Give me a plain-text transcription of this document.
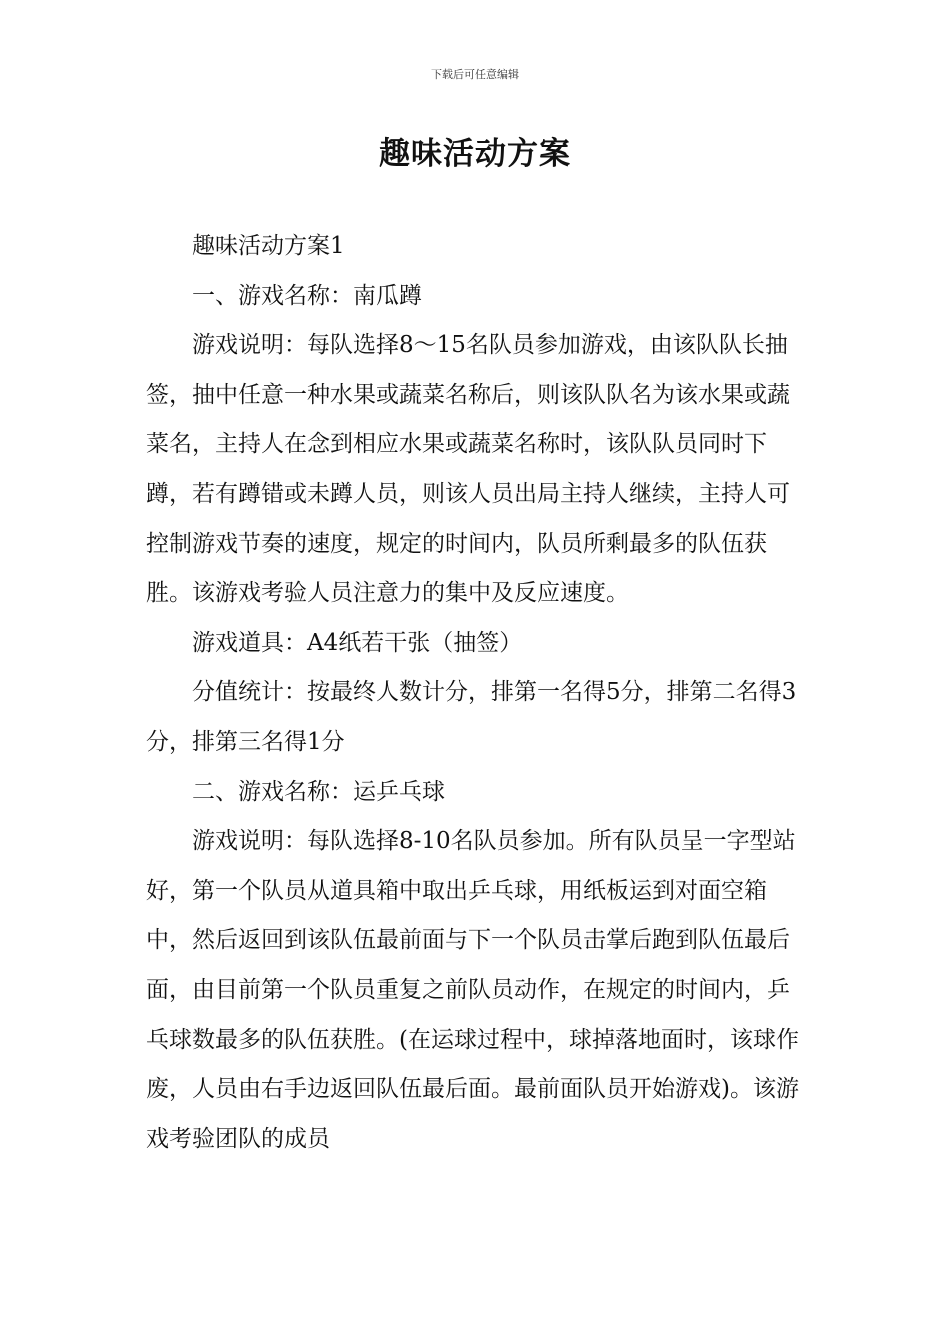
下载后可任意编辑
趣味活动方案

趣味活动方案1

一、游戏名称：南瓜蹲

游戏说明：每队选择8～15名队员参加游戏，由该队队长抽签，抽中任意一种水果或蔬菜名称后，则该队队名为该水果或蔬菜名，主持人在念到相应水果或蔬菜名称时，该队队员同时下蹲，若有蹲错或未蹲人员，则该人员出局主持人继续，主持人可控制游戏节奏的速度，规定的时间内，队员所剩最多的队伍获胜。该游戏考验人员注意力的集中及反应速度。

游戏道具：A4纸若干张（抽签）

分值统计：按最终人数计分，排第一名得5分，排第二名得3分，排第三名得1分

二、游戏名称：运乒乓球

游戏说明：每队选择8-10名队员参加。所有队员呈一字型站好，第一个队员从道具箱中取出乒乓球，用纸板运到对面空箱中，然后返回到该队伍最前面与下一个队员击掌后跑到队伍最后面，由目前第一个队员重复之前队员动作，在规定的时间内，乒乓球数最多的队伍获胜。(在运球过程中，球掉落地面时，该球作废，人员由右手边返回队伍最后面。最前面队员开始游戏)。该游戏考验团队的成员
